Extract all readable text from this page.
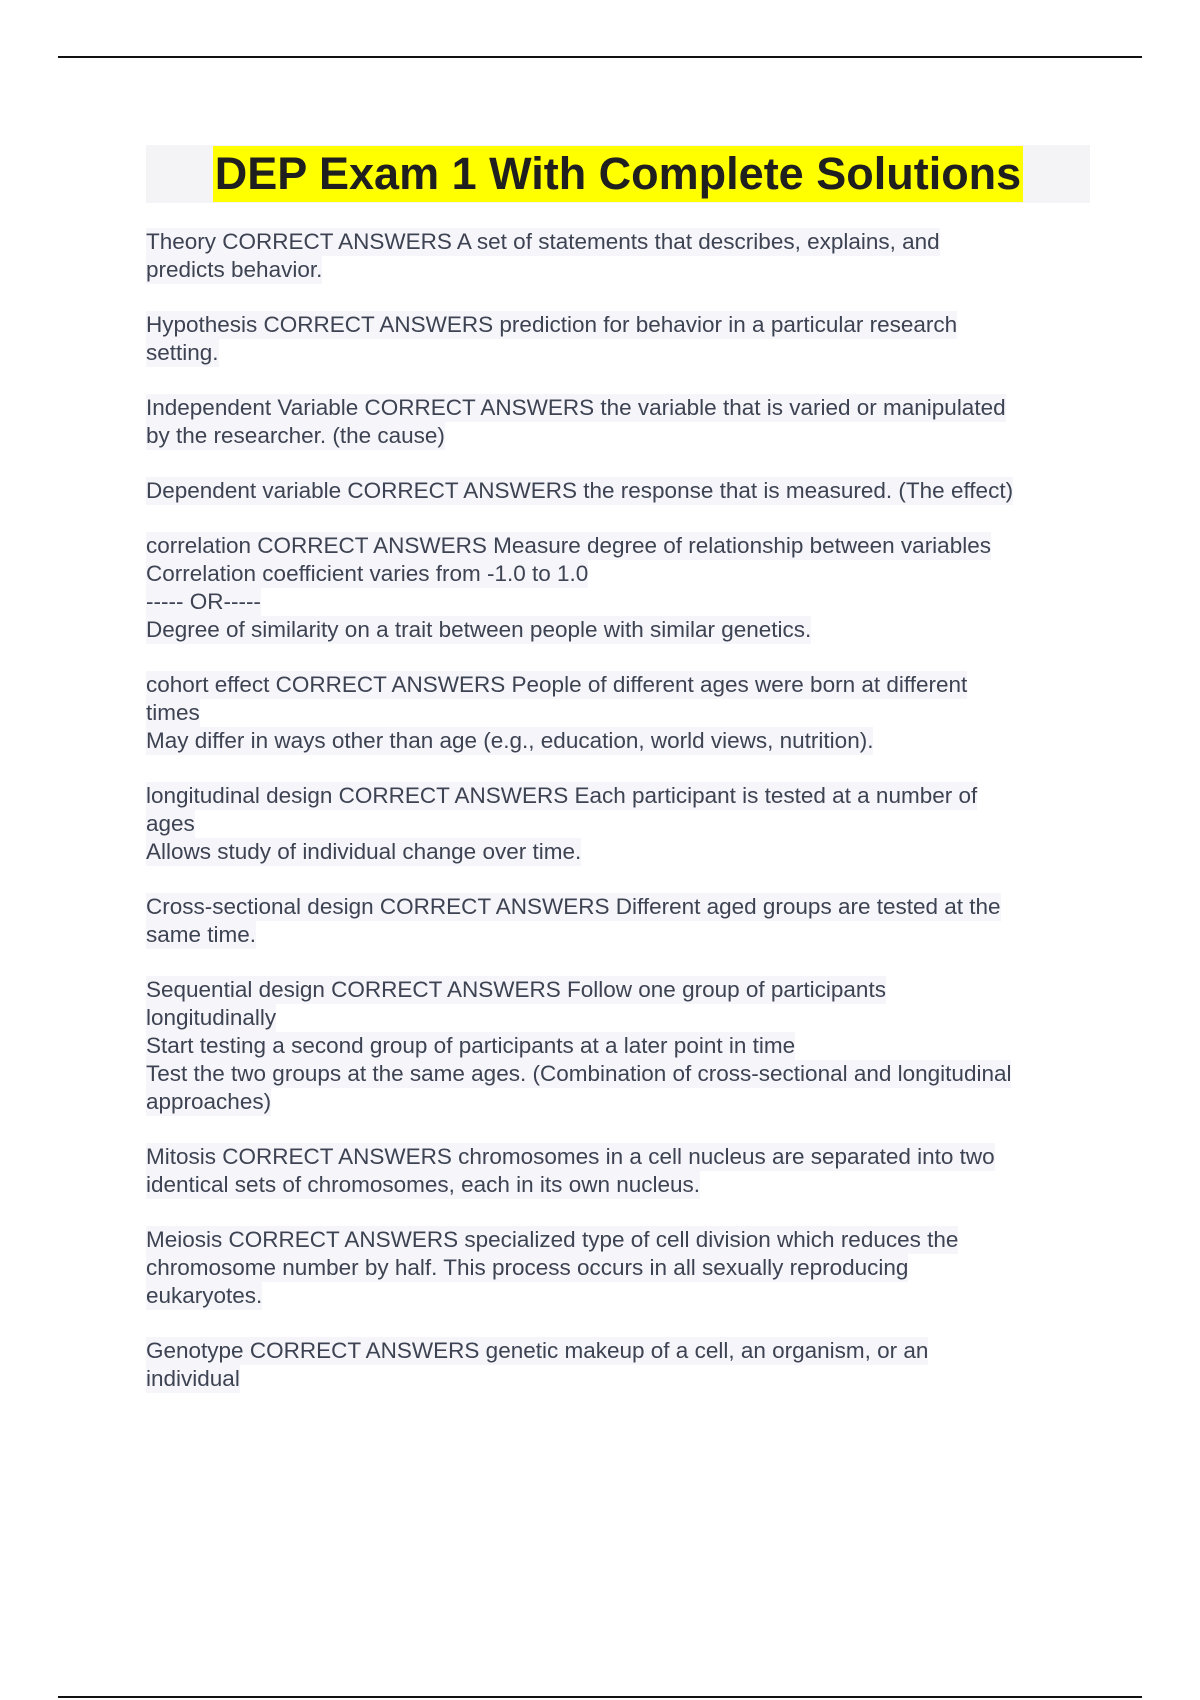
DEP Exam 1 With Complete Solutions
Theory CORRECT ANSWERS A set of statements that describes, explains, and
predicts behavior.
Hypothesis CORRECT ANSWERS prediction for behavior in a particular research
setting.
Independent Variable CORRECT ANSWERS the variable that is varied or manipulated
by the researcher. (the cause)
Dependent variable CORRECT ANSWERS the response that is measured. (The effect)
correlation CORRECT ANSWERS Measure degree of relationship between variables
Correlation coefficient varies from -1.0 to 1.0
----- OR-----
Degree of similarity on a trait between people with similar genetics.
cohort effect CORRECT ANSWERS People of different ages were born at different
times
May differ in ways other than age (e.g., education, world views, nutrition).
longitudinal design CORRECT ANSWERS Each participant is tested at a number of
ages
Allows study of individual change over time.
Cross-sectional design CORRECT ANSWERS Different aged groups are tested at the
same time.
Sequential design CORRECT ANSWERS Follow one group of participants
longitudinally
Start testing a second group of participants at a later point in time
Test the two groups at the same ages. (Combination of cross-sectional and longitudinal
approaches)
Mitosis CORRECT ANSWERS chromosomes in a cell nucleus are separated into two
identical sets of chromosomes, each in its own nucleus.
Meiosis CORRECT ANSWERS specialized type of cell division which reduces the
chromosome number by half. This process occurs in all sexually reproducing
eukaryotes.
Genotype CORRECT ANSWERS genetic makeup of a cell, an organism, or an
individual
